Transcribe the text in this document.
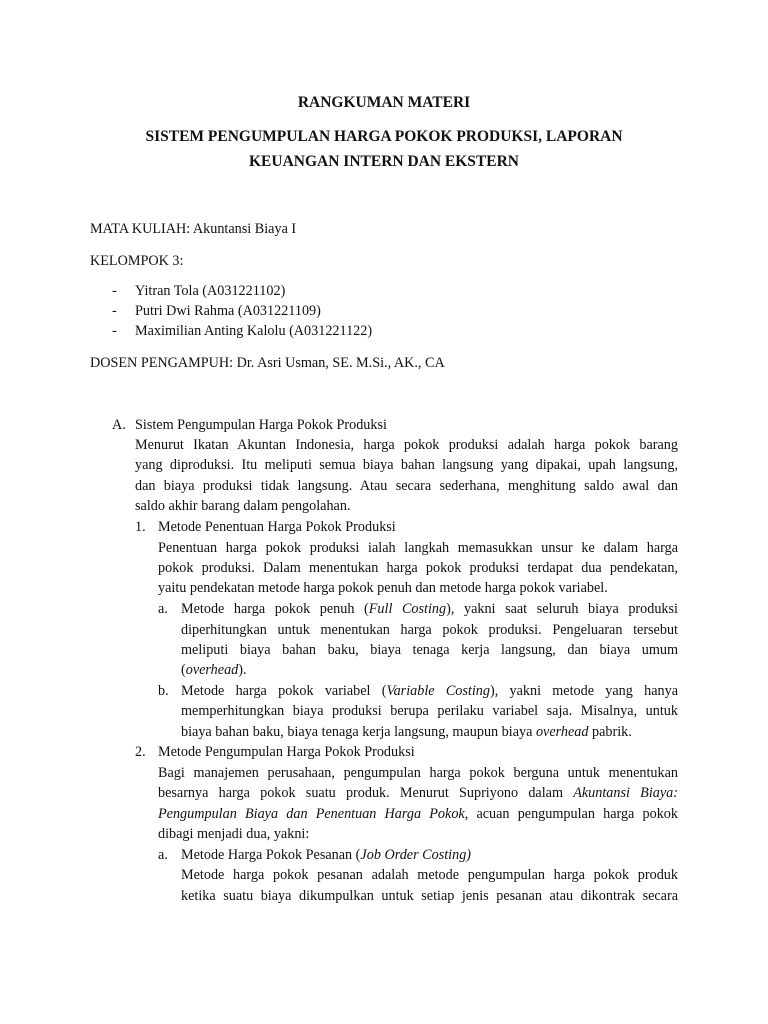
RANGKUMAN MATERI
SISTEM PENGUMPULAN HARGA POKOK PRODUKSI, LAPORAN
KEUANGAN INTERN DAN EKSTERN
MATA KULIAH: Akuntansi Biaya I
KELOMPOK 3:
- Yitran Tola (A031221102)
- Putri Dwi Rahma (A031221109)
- Maximilian Anting Kalolu (A031221122)
DOSEN PENGAMPUH: Dr. Asri Usman, SE. M.Si., AK., CA
A. Sistem Pengumpulan Harga Pokok Produksi
Menurut Ikatan Akuntan Indonesia, harga pokok produksi adalah harga pokok barang
yang diproduksi. Itu meliputi semua biaya bahan langsung yang dipakai, upah langsung,
dan biaya produksi tidak langsung. Atau secara sederhana, menghitung saldo awal dan
saldo akhir barang dalam pengolahan.
1. Metode Penentuan Harga Pokok Produksi
Penentuan harga pokok produksi ialah langkah memasukkan unsur ke dalam harga
pokok produksi. Dalam menentukan harga pokok produksi terdapat dua pendekatan,
yaitu pendekatan metode harga pokok penuh dan metode harga pokok variabel.
a. Metode harga pokok penuh (Full Costing), yakni saat seluruh biaya produksi
diperhitungkan untuk menentukan harga pokok produksi. Pengeluaran tersebut
meliputi biaya bahan baku, biaya tenaga kerja langsung, dan biaya umum
(overhead).
b. Metode harga pokok variabel (Variable Costing), yakni metode yang hanya
memperhitungkan biaya produksi berupa perilaku variabel saja. Misalnya, untuk
biaya bahan baku, biaya tenaga kerja langsung, maupun biaya overhead pabrik.
2. Metode Pengumpulan Harga Pokok Produksi
Bagi manajemen perusahaan, pengumpulan harga pokok berguna untuk menentukan
besarnya harga pokok suatu produk. Menurut Supriyono dalam Akuntansi Biaya:
Pengumpulan Biaya dan Penentuan Harga Pokok, acuan pengumpulan harga pokok
dibagi menjadi dua, yakni:
a. Metode Harga Pokok Pesanan (Job Order Costing)
Metode harga pokok pesanan adalah metode pengumpulan harga pokok produk
ketika suatu biaya dikumpulkan untuk setiap jenis pesanan atau dikontrak secara
